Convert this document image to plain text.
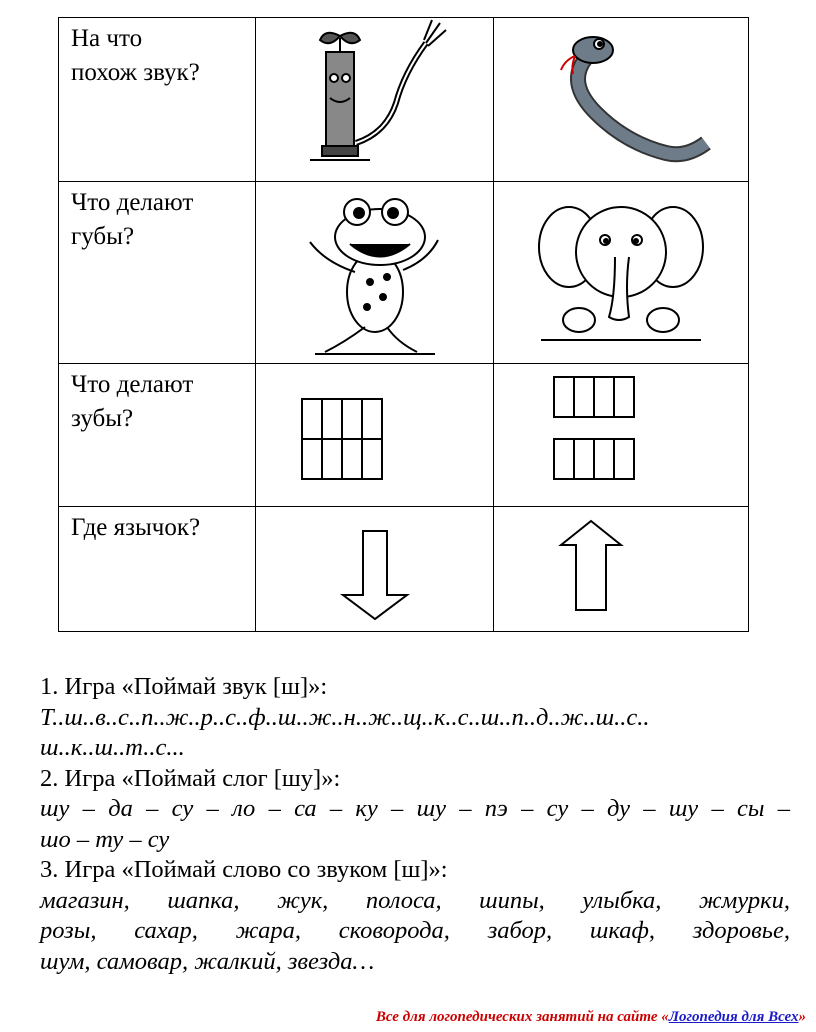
На что
похож звук?

Что делают
губы?

Что делают
зубы?

Где язычок?

1. Игра «Поймай звук [ш]»:
Т..ш..в..с..п..ж..р..с..ф..ш..ж..н..ж..щ..к..с..ш..п..д..ж..ш..с..
ш..к..ш..т..с...
2. Игра «Поймай слог [шу]»:
шу – да – су – ло – са – ку – шу – пэ – су – ду – шу – сы –
шо – ту – су
3. Игра «Поймай слово со звуком [ш]»:
магазин, шапка, жук, полоса, шипы, улыбка, жмурки,
розы, сахар, жара, сковорода, забор, шкаф, здоровье,
шум, самовар, жалкий, звезда…
Все для логопедических занятий на сайте «Логопедия для Всех»
